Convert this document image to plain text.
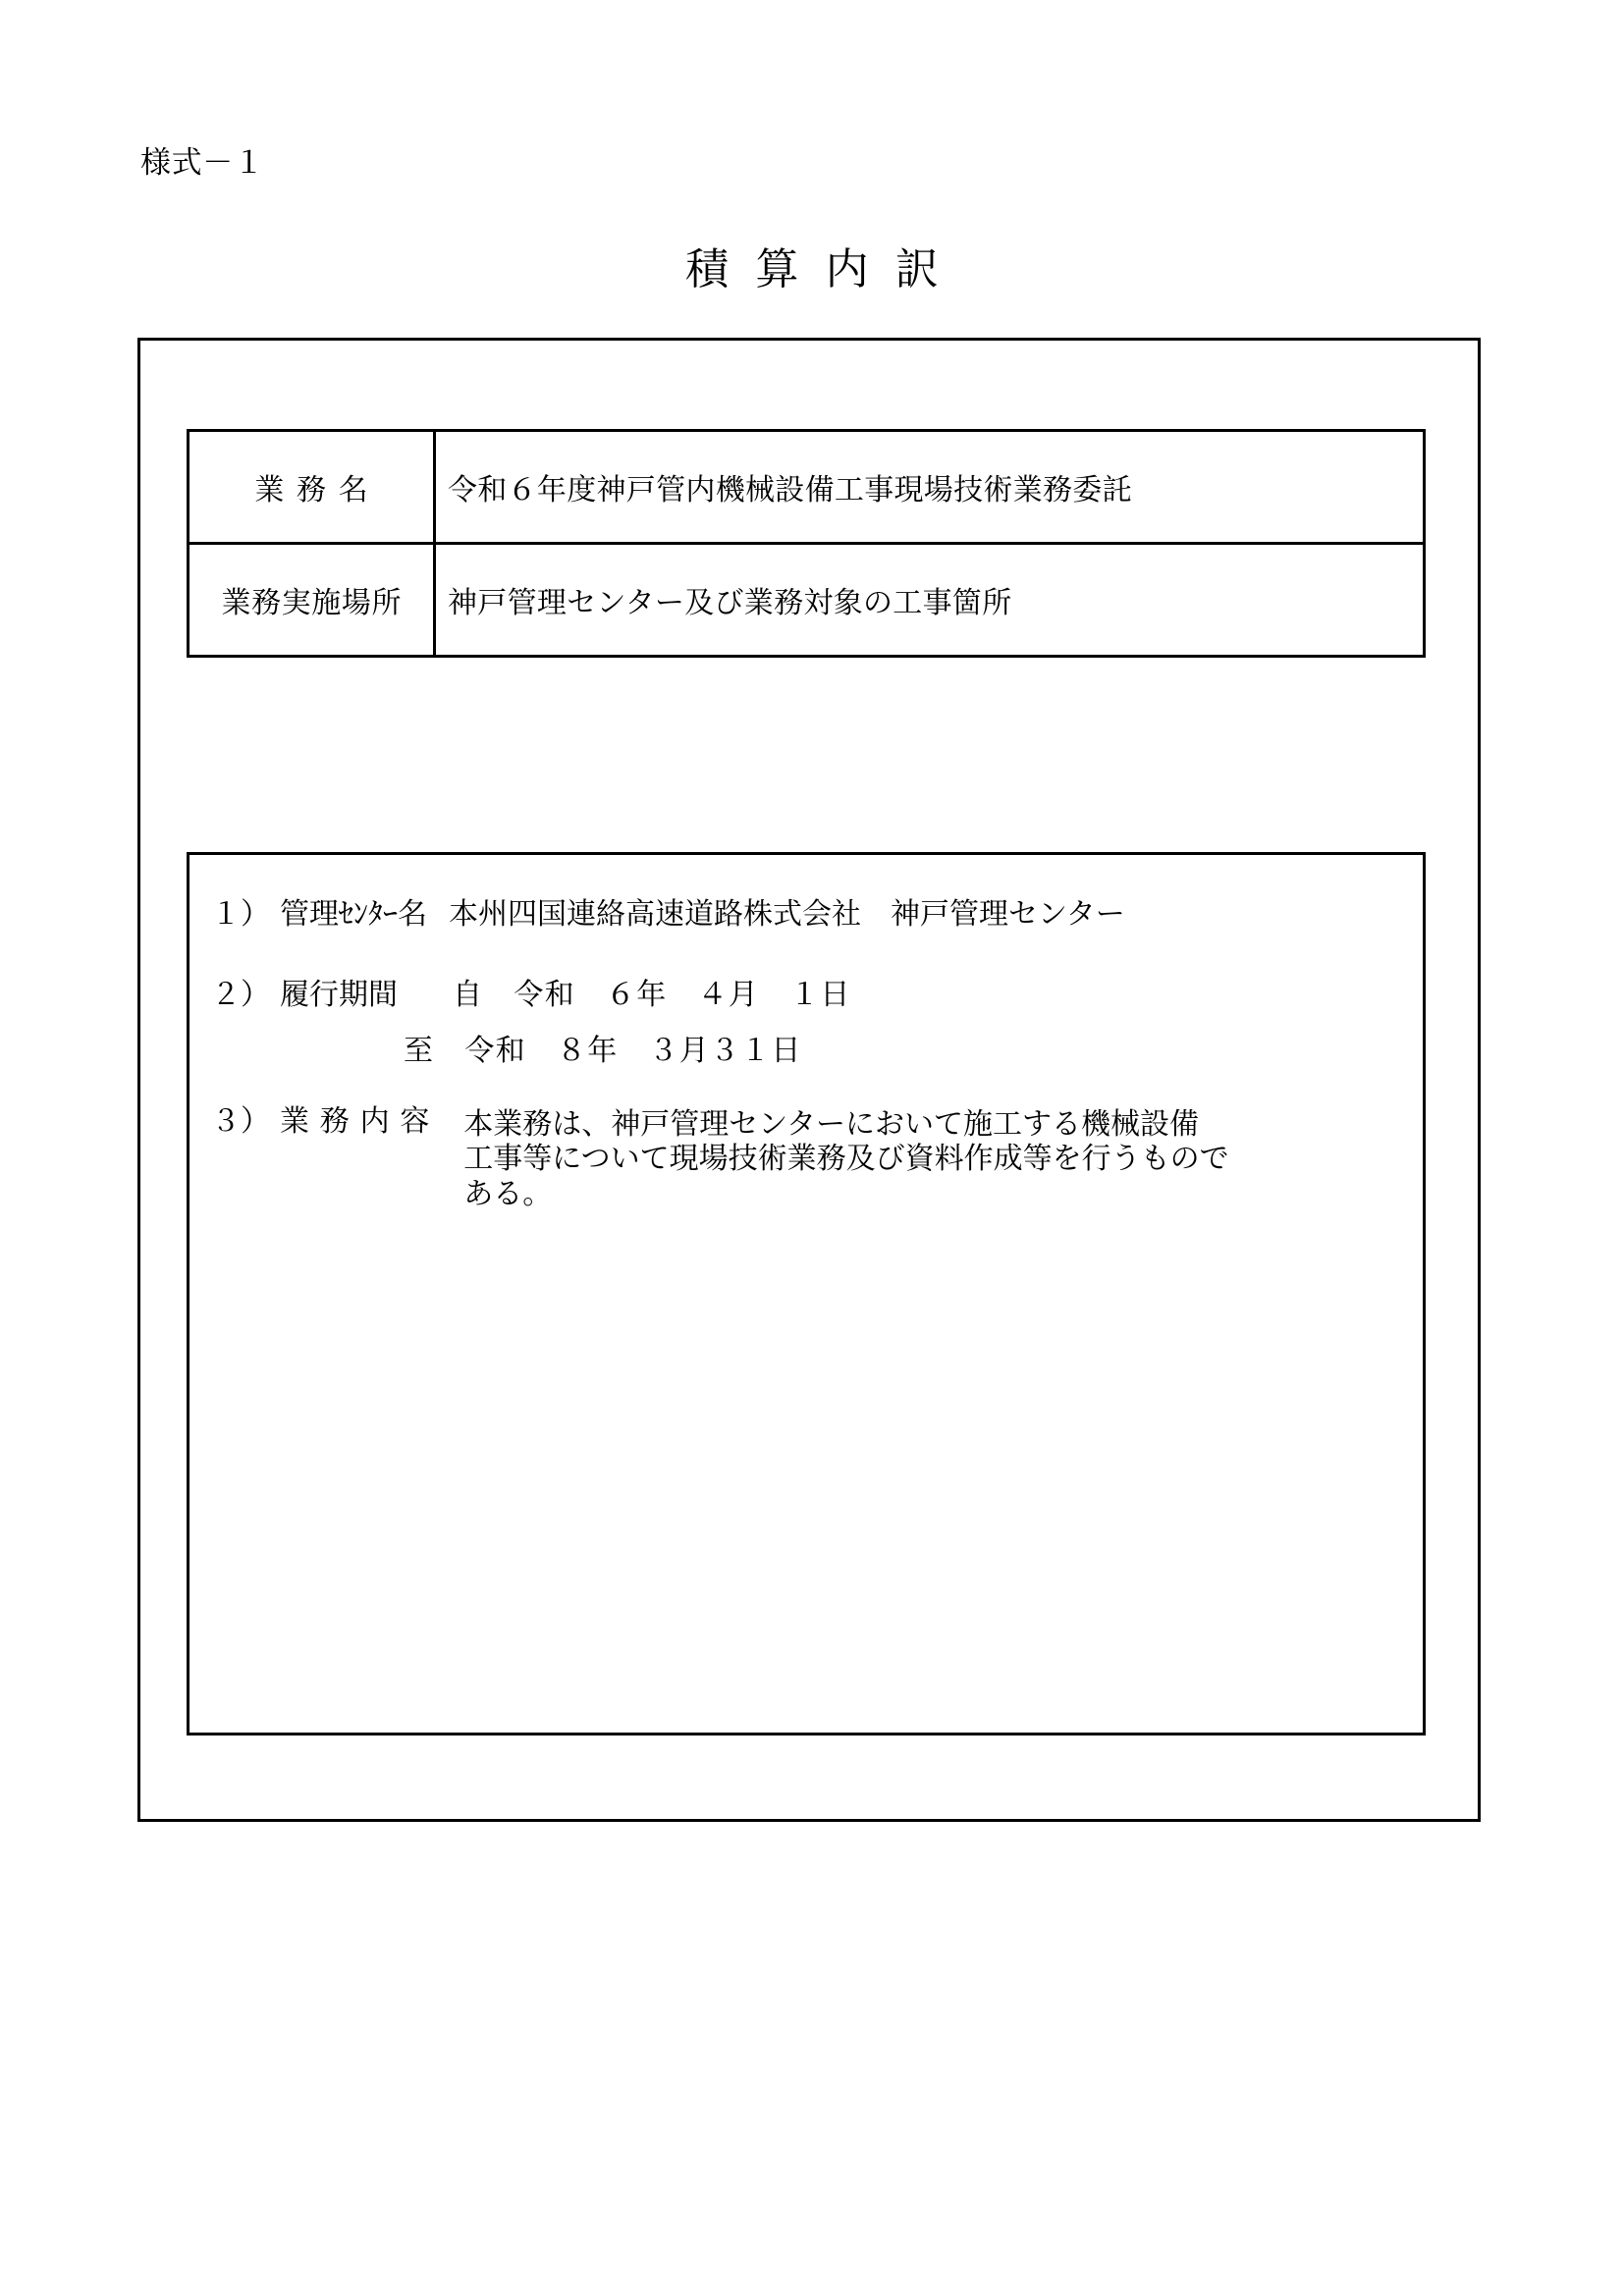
様式－１
積算内訳
業務名	令和６年度神戸管内機械設備工事現場技術業務委託
業務実施場所	神戸管理センター及び業務対象の工事箇所
１） 管理ｾﾝﾀｰ名 本州四国連絡高速道路株式会社　神戸管理センター
２） 履行期間 自　令和　６年　４月　１日
至　令和　８年　３月３１日
３） 業務内容 本業務は、神戸管理センターにおいて施工する機械設備
工事等について現場技術業務及び資料作成等を行うもので
ある。
